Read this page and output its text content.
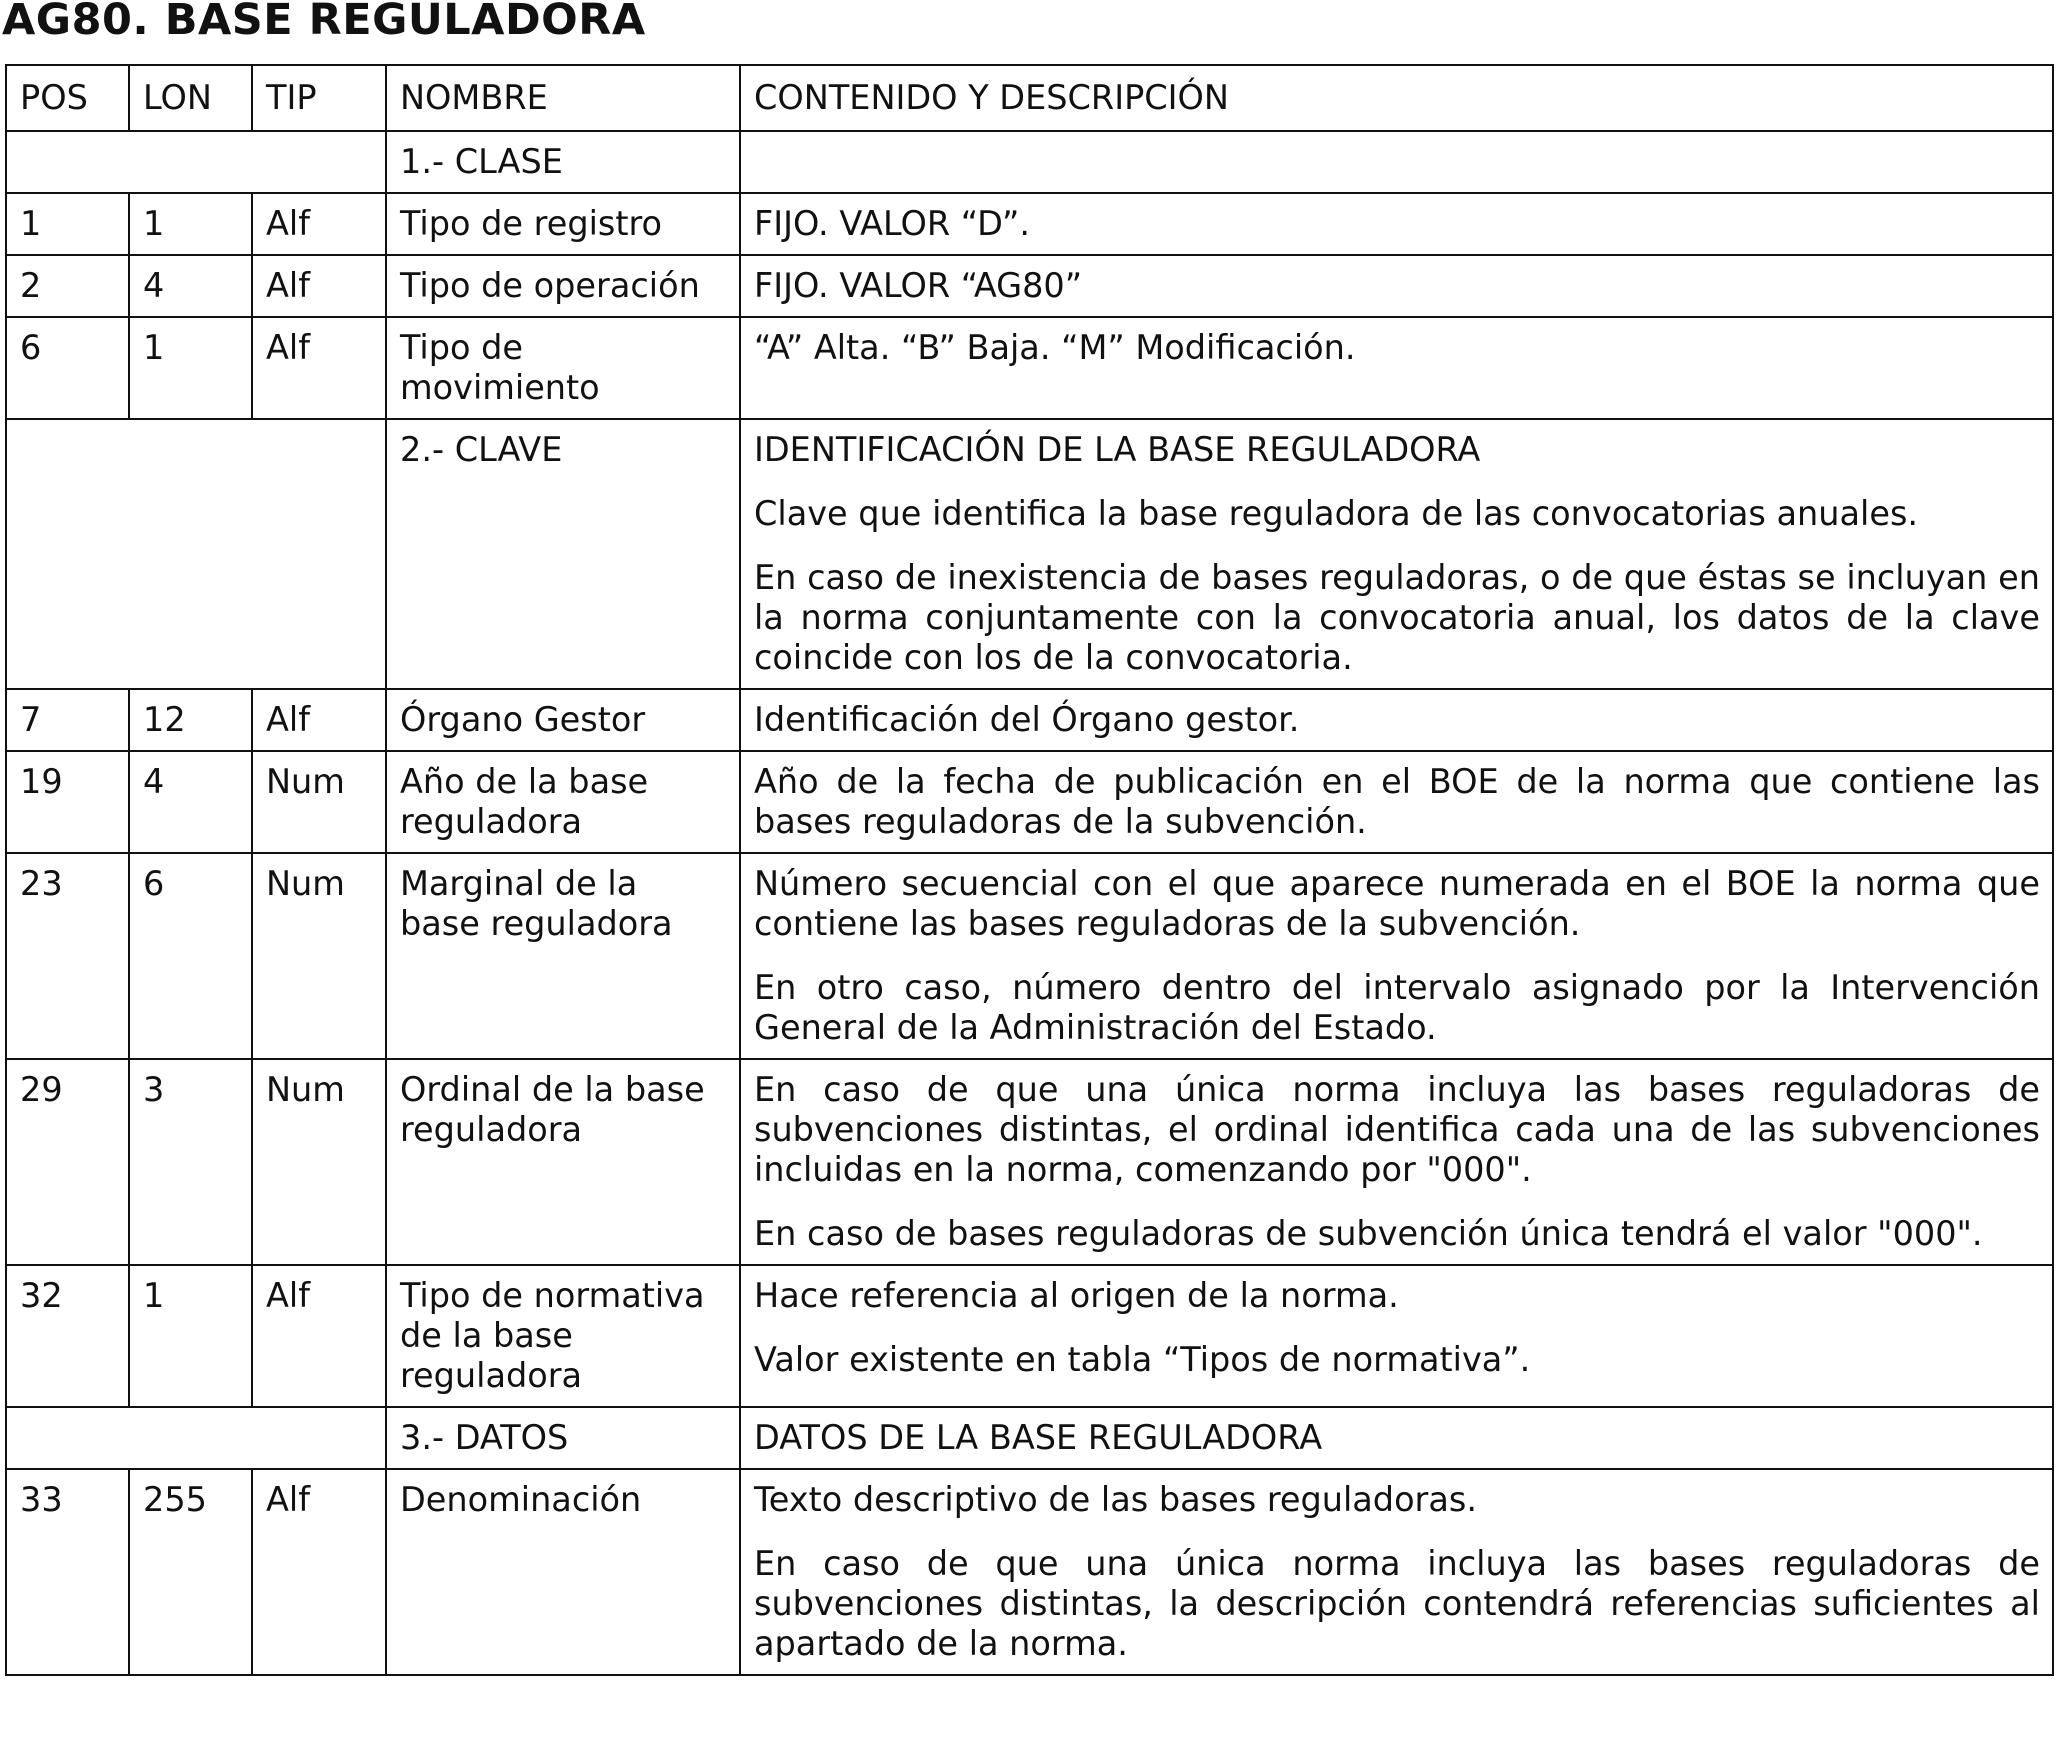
AG80. BASE REGULADORA
POS	LON	TIP	NOMBRE	CONTENIDO Y DESCRIPCIÓN
			1.- CLASE	
1	1	Alf	Tipo de registro	FIJO. VALOR “D”.

2	4	Alf	Tipo de operación	FIJO. VALOR “AG80”

6	1	Alf	Tipo de movimiento	“A” Alta. “B” Baja. “M” Modificación.

			2.- CLAVE	IDENTIFICACIÓN DE LA BASE REGULADORA

Clave que identifica la base reguladora de las convocatorias anuales.

En caso de inexistencia de bases reguladoras, o de que éstas se incluyan en la norma conjuntamente con la convocatoria anual, los datos de la clave coincide con los de la convocatoria.

7	12	Alf	Órgano Gestor	Identificación del Órgano gestor.

19	4	Num	Año de la base reguladora	Año de la fecha de publicación en el BOE de la norma que contiene las bases reguladoras de la subvención.

23	6	Num	Marginal de la base reguladora	Número secuencial con el que aparece numerada en el BOE la norma que contiene las bases reguladoras de la subvención.

En otro caso, número dentro del intervalo asignado por la Intervención General de la Administración del Estado.

29	3	Num	Ordinal de la base reguladora	En caso de que una única norma incluya las bases reguladoras de subvenciones distintas, el ordinal identifica cada una de las subvenciones incluidas en la norma, comenzando por "000".

En caso de bases reguladoras de subvención única tendrá el valor "000".

32	1	Alf	Tipo de normativa de la base reguladora	Hace referencia al origen de la norma.

Valor existente en tabla “Tipos de normativa”.

			3.- DATOS	DATOS DE LA BASE REGULADORA

33	255	Alf	Denominación	Texto descriptivo de las bases reguladoras.

En caso de que una única norma incluya las bases reguladoras de subvenciones distintas, la descripción contendrá referencias suficientes al apartado de la norma.
